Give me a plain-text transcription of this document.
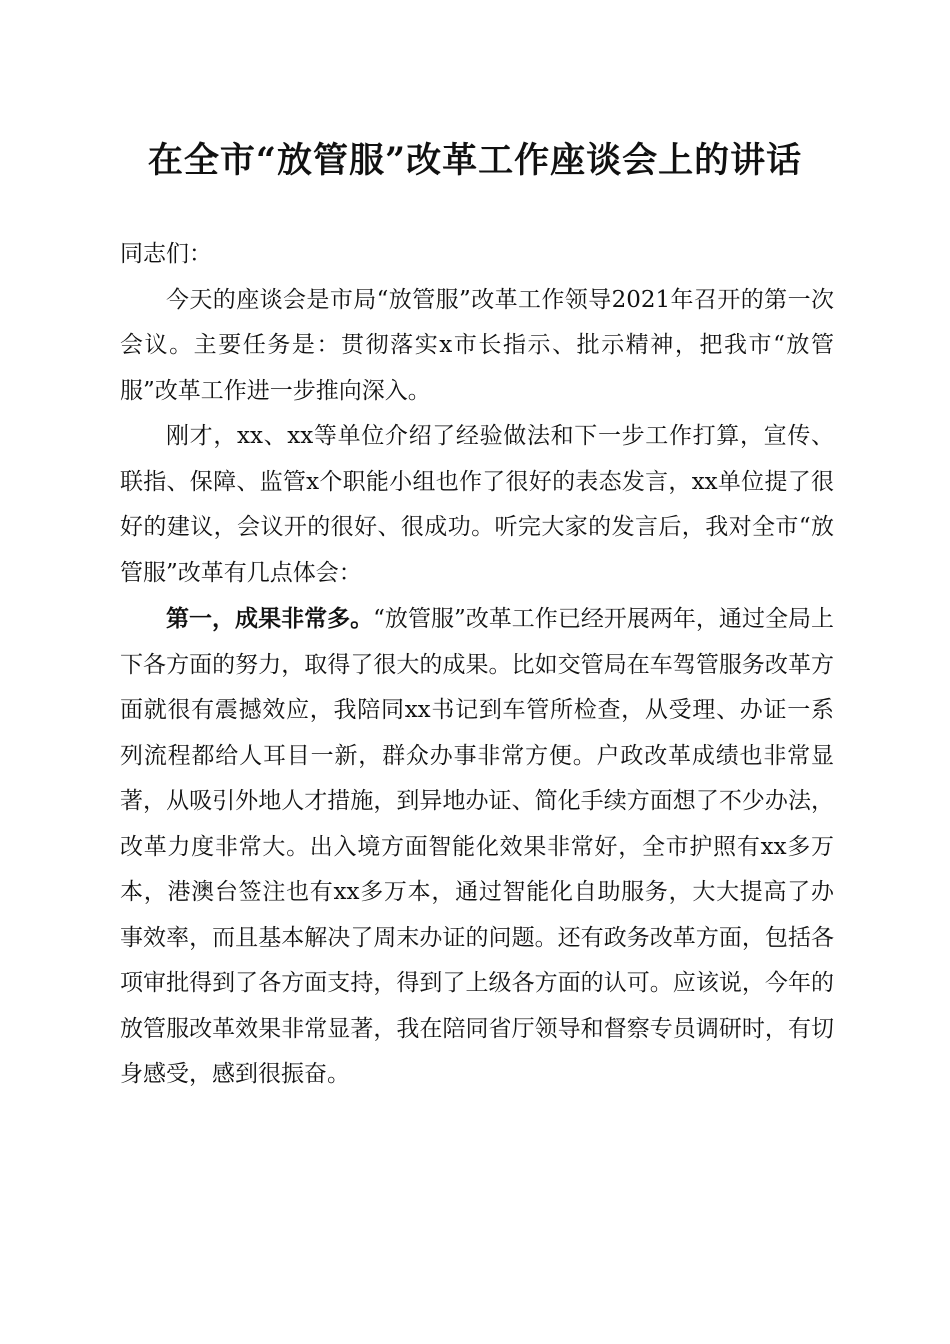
在全市“放管服”改革工作座谈会上的讲话

同志们：

今天的座谈会是市局“放管服”改革工作领导2021年召开的第一次会议。主要任务是：贯彻落实x市长指示、批示精神，把我市“放管服”改革工作进一步推向深入。

刚才，xx、xx等单位介绍了经验做法和下一步工作打算，宣传、联指、保障、监管x个职能小组也作了很好的表态发言，xx单位提了很好的建议，会议开的很好、很成功。听完大家的发言后，我对全市“放管服”改革有几点体会：

第一，成果非常多。“放管服”改革工作已经开展两年，通过全局上下各方面的努力，取得了很大的成果。比如交管局在车驾管服务改革方面就很有震撼效应，我陪同xx书记到车管所检查，从受理、办证一系列流程都给人耳目一新，群众办事非常方便。户政改革成绩也非常显著，从吸引外地人才措施，到异地办证、简化手续方面想了不少办法，改革力度非常大。出入境方面智能化效果非常好，全市护照有xx多万本，港澳台签注也有xx多万本，通过智能化自助服务，大大提高了办事效率，而且基本解决了周末办证的问题。还有政务改革方面，包括各项审批得到了各方面支持，得到了上级各方面的认可。应该说，今年的放管服改革效果非常显著，我在陪同省厅领导和督察专员调研时，有切身感受，感到很振奋。
